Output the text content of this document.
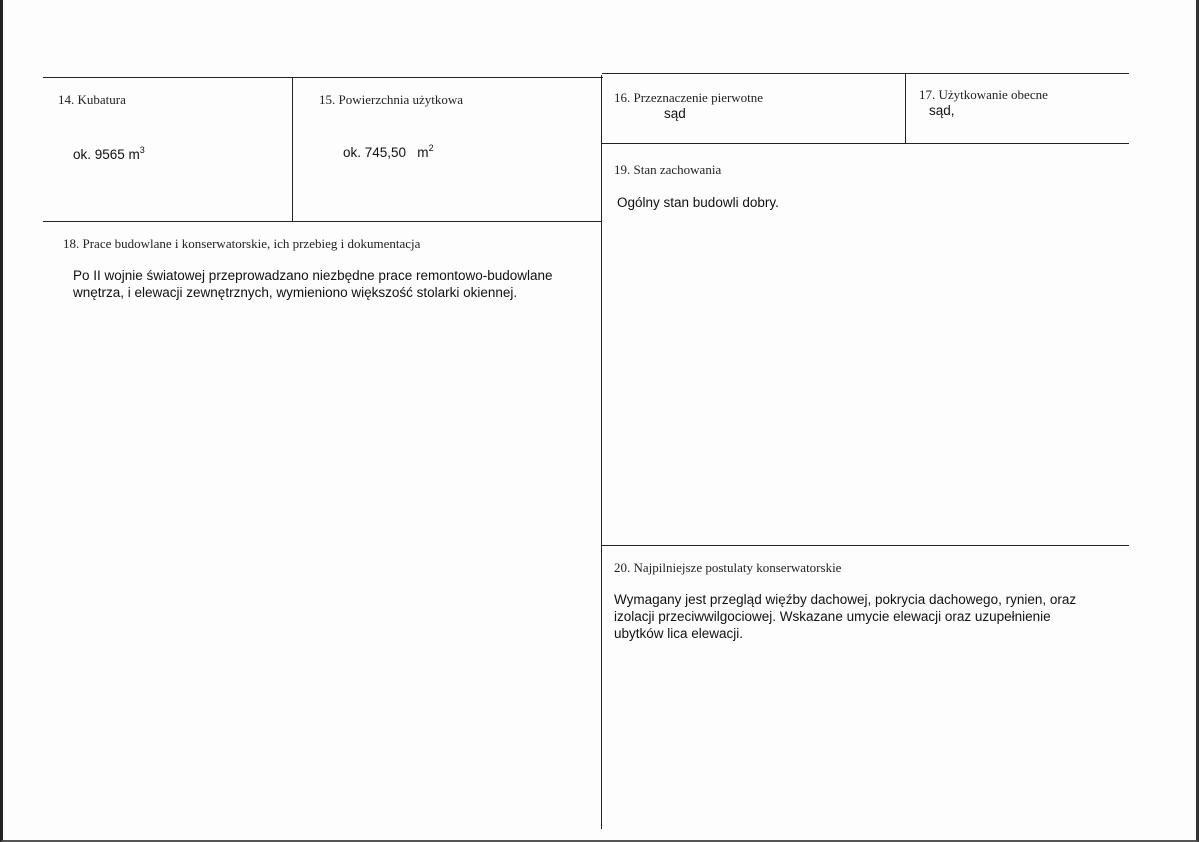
14. Kubatura
ok. 9565 $m^3$
15. Powierzchnia użytkowa
ok. 745,50   $m^2$
16. Przeznaczenie pierwotne
sąd
17. Użytkowanie obecne
sąd,
19. Stan zachowania
Ogólny stan budowli dobry.
18. Prace budowlane i konserwatorskie, ich przebieg i dokumentacja
Po II wojnie światowej przeprowadzano niezbędne prace remontowo-budowlane
wnętrza, i elewacji zewnętrznych, wymieniono większość stolarki okiennej.
20. Najpilniejsze postulaty konserwatorskie
Wymagany jest przegląd więźby dachowej, pokrycia dachowego, rynien, oraz
izolacji przeciwwilgociowej. Wskazane umycie elewacji oraz uzupełnienie
ubytków lica elewacji.
